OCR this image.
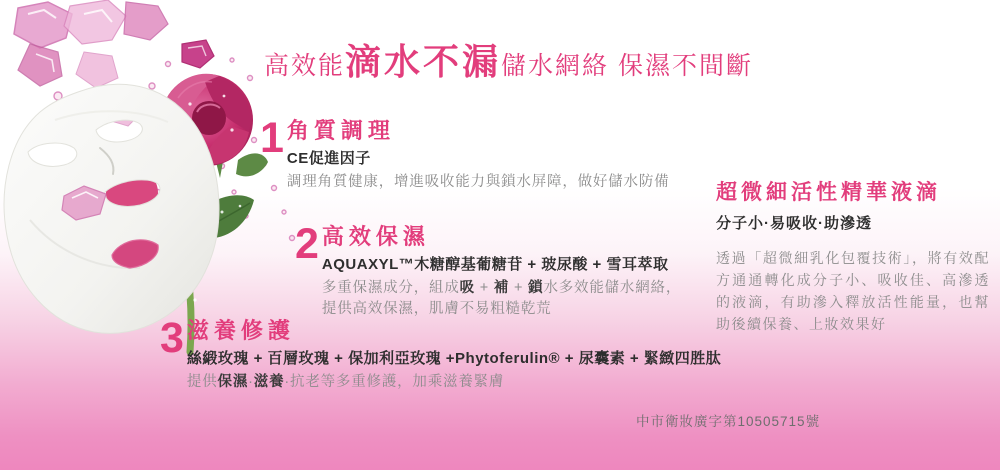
高效能滴水不漏儲水網絡 保濕不間斷
1 角質調理
CE促進因子
調理角質健康，增進吸收能力與鎖水屏障，做好儲水防備
2 高效保濕
AQUAXYL™木糖醇基葡糖苷 + 玻尿酸 + 雪耳萃取
多重保濕成分，組成吸 + 補 + 鎖水多效能儲水網絡，
提供高效保濕，肌膚不易粗糙乾荒
3 滋養修護
絲緞玫瑰 + 百層玫瑰 + 保加利亞玫瑰 +Phytoferulin® + 尿囊素 + 緊緻四胜肽
提供保濕·滋養·抗老等多重修護，加乘滋養緊膚
超微細活性精華液滴
分子小·易吸收·助滲透
透過「超微細乳化包覆技術」，將有效配方通通轉化成分子小、吸收佳、高滲透的液滴，有助滲入釋放活性能量，也幫助後續保養、上妝效果好
中市衛妝廣字第10505715號
